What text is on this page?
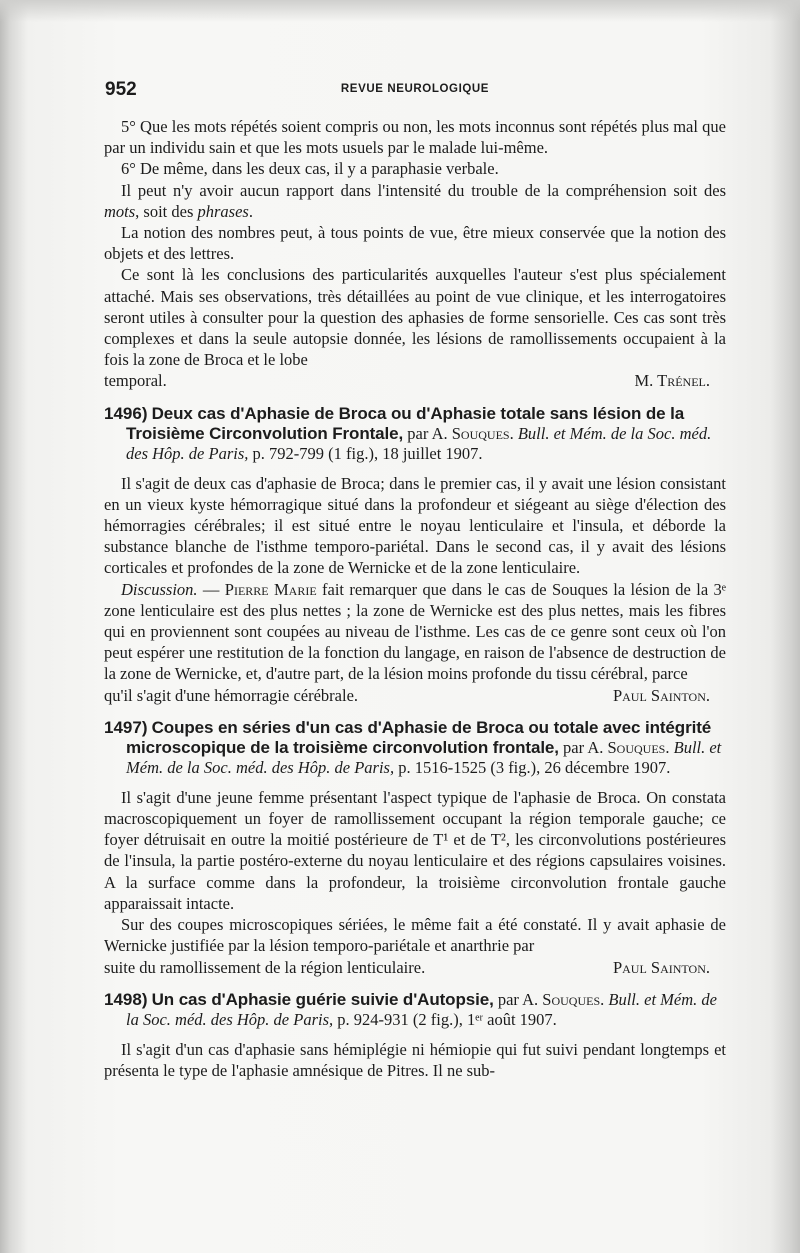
952	REVUE NEUROLOGIQUE

5° Que les mots répétés soient compris ou non, les mots inconnus sont répétés plus mal que par un individu sain et que les mots usuels par le malade lui-même.

6° De même, dans les deux cas, il y a paraphasie verbale.

Il peut n'y avoir aucun rapport dans l'intensité du trouble de la compréhension soit des mots, soit des phrases.

La notion des nombres peut, à tous points de vue, être mieux conservée que la notion des objets et des lettres.

Ce sont là les conclusions des particularités auxquelles l'auteur s'est plus spécialement attaché. Mais ses observations, très détaillées au point de vue clinique, et les interrogatoires seront utiles à consulter pour la question des aphasies de forme sensorielle. Ces cas sont très complexes et dans la seule autopsie donnée, les lésions de ramollissements occupaient à la fois la zone de Broca et le lobe

temporal.	M. Trénel.

1496) Deux cas d'Aphasie de Broca ou d'Aphasie totale sans lésion de la Troisième Circonvolution Frontale, par A. Souques. Bull. et Mém. de la Soc. méd. des Hôp. de Paris, p. 792-799 (1 fig.), 18 juillet 1907.

Il s'agit de deux cas d'aphasie de Broca; dans le premier cas, il y avait une lésion consistant en un vieux kyste hémorragique situé dans la profondeur et siégeant au siège d'élection des hémorragies cérébrales; il est situé entre le noyau lenticulaire et l'insula, et déborde la substance blanche de l'isthme temporo-pariétal. Dans le second cas, il y avait des lésions corticales et profondes de la zone de Wernicke et de la zone lenticulaire.

Discussion. — Pierre Marie fait remarquer que dans le cas de Souques la lésion de la 3ᵉ zone lenticulaire est des plus nettes ; la zone de Wernicke est des plus nettes, mais les fibres qui en proviennent sont coupées au niveau de l'isthme. Les cas de ce genre sont ceux où l'on peut espérer une restitution de la fonction du langage, en raison de l'absence de destruction de la zone de Wernicke, et, d'autre part, de la lésion moins profonde du tissu cérébral, parce

qu'il s'agit d'une hémorragie cérébrale.	Paul Sainton.

1497) Coupes en séries d'un cas d'Aphasie de Broca ou totale avec intégrité microscopique de la troisième circonvolution frontale, par A. Souques. Bull. et Mém. de la Soc. méd. des Hôp. de Paris, p. 1516-1525 (3 fig.), 26 décembre 1907.

Il s'agit d'une jeune femme présentant l'aspect typique de l'aphasie de Broca. On constata macroscopiquement un foyer de ramollissement occupant la région temporale gauche; ce foyer détruisait en outre la moitié postérieure de T¹ et de T², les circonvolutions postérieures de l'insula, la partie postéro-externe du noyau lenticulaire et des régions capsulaires voisines. A la surface comme dans la profondeur, la troisième circonvolution frontale gauche apparaissait intacte.

Sur des coupes microscopiques sériées, le même fait a été constaté. Il y avait aphasie de Wernicke justifiée par la lésion temporo-pariétale et anarthrie par

suite du ramollissement de la région lenticulaire.	Paul Sainton.

1498) Un cas d'Aphasie guérie suivie d'Autopsie, par A. Souques. Bull. et Mém. de la Soc. méd. des Hôp. de Paris, p. 924-931 (2 fig.), 1ᵉʳ août 1907.

Il s'agit d'un cas d'aphasie sans hémiplégie ni hémiopie qui fut suivi pendant longtemps et présenta le type de l'aphasie amnésique de Pitres. Il ne sub-
